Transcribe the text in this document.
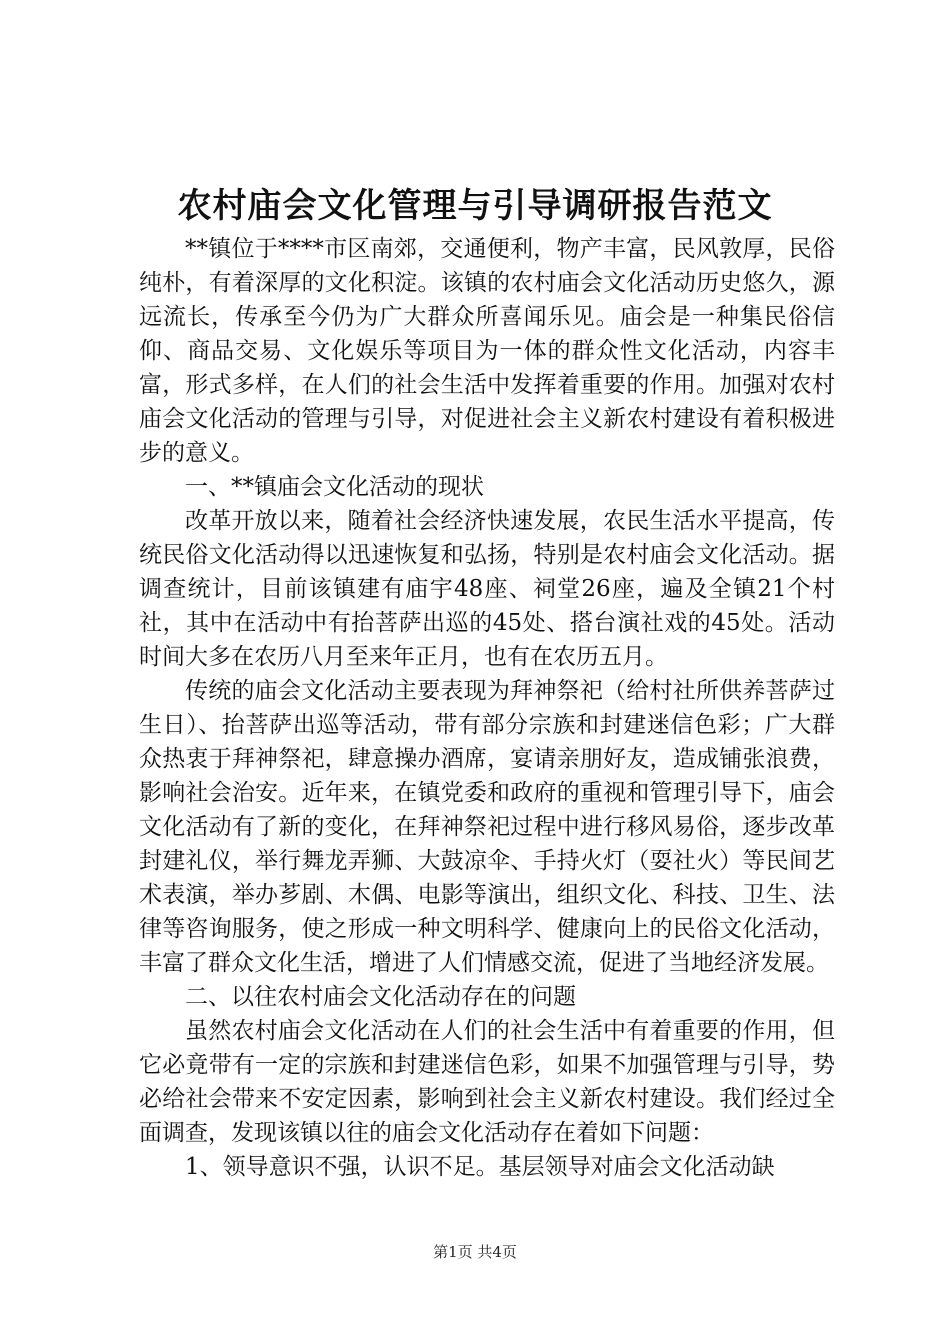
农村庙会文化管理与引导调研报告范文

**镇位于****市区南郊，交通便利，物产丰富，民风敦厚，民俗纯朴，有着深厚的文化积淀。该镇的农村庙会文化活动历史悠久，源远流长，传承至今仍为广大群众所喜闻乐见。庙会是一种集民俗信仰、商品交易、文化娱乐等项目为一体的群众性文化活动，内容丰富，形式多样，在人们的社会生活中发挥着重要的作用。加强对农村庙会文化活动的管理与引导，对促进社会主义新农村建设有着积极进步的意义。

一、**镇庙会文化活动的现状

改革开放以来，随着社会经济快速发展，农民生活水平提高，传统民俗文化活动得以迅速恢复和弘扬，特别是农村庙会文化活动。据调查统计，目前该镇建有庙宇48座、祠堂26座，遍及全镇21个村社，其中在活动中有抬菩萨出巡的45处、搭台演社戏的45处。活动时间大多在农历八月至来年正月，也有在农历五月。

传统的庙会文化活动主要表现为拜神祭祀（给村社所供养菩萨过生日）、抬菩萨出巡等活动，带有部分宗族和封建迷信色彩；广大群众热衷于拜神祭祀，肆意操办酒席，宴请亲朋好友，造成铺张浪费，影响社会治安。近年来，在镇党委和政府的重视和管理引导下，庙会文化活动有了新的变化，在拜神祭祀过程中进行移风易俗，逐步改革封建礼仪，举行舞龙弄狮、大鼓凉伞、手持火灯（耍社火）等民间艺术表演，举办芗剧、木偶、电影等演出，组织文化、科技、卫生、法律等咨询服务，使之形成一种文明科学、健康向上的民俗文化活动，丰富了群众文化生活，增进了人们情感交流，促进了当地经济发展。

二、以往农村庙会文化活动存在的问题

虽然农村庙会文化活动在人们的社会生活中有着重要的作用，但它必竟带有一定的宗族和封建迷信色彩，如果不加强管理与引导，势必给社会带来不安定因素，影响到社会主义新农村建设。我们经过全面调查，发现该镇以往的庙会文化活动存在着如下问题：

1、领导意识不强，认识不足。基层领导对庙会文化活动缺

第1页 共4页
